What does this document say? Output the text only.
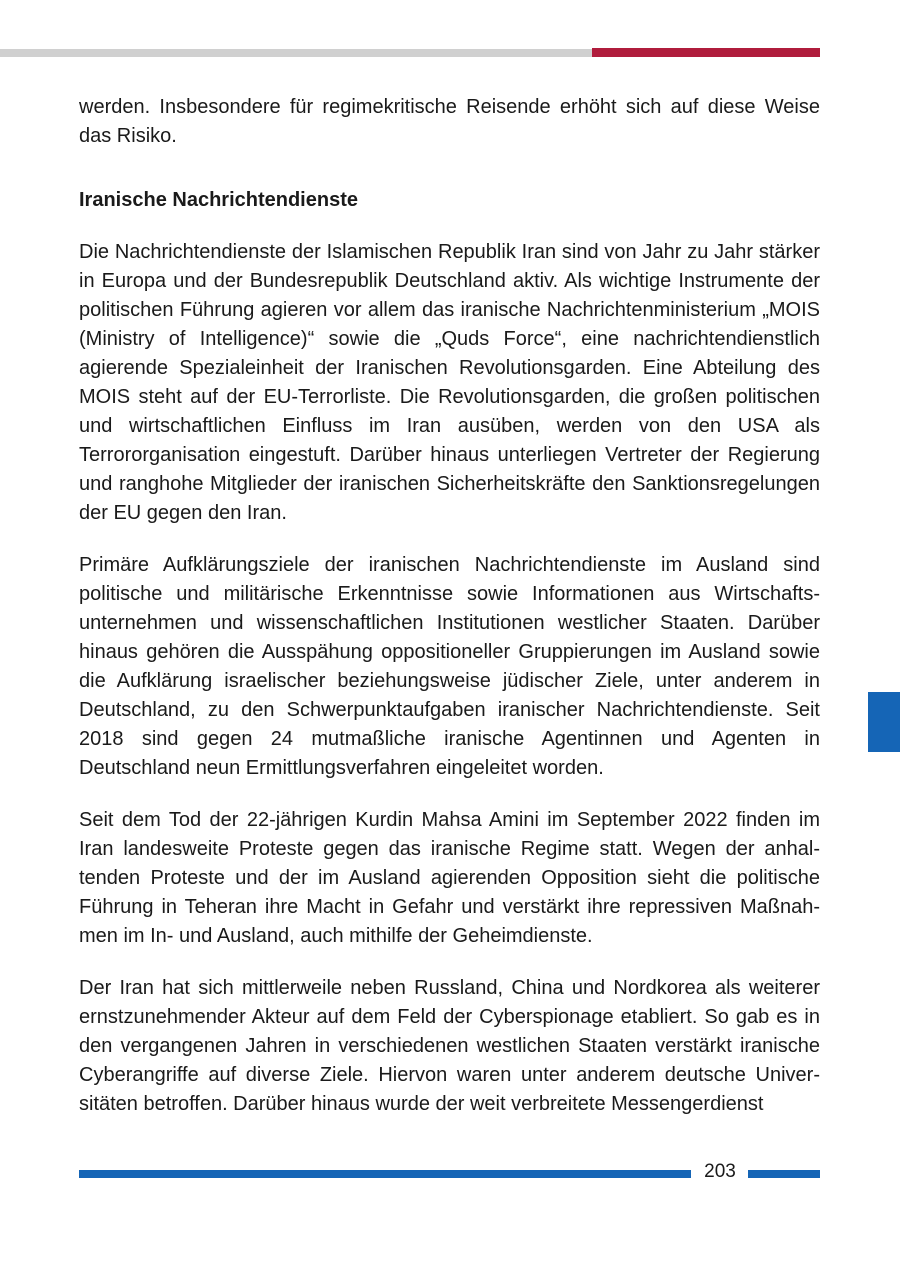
werden. Insbesondere für regimekritische Reisende erhöht sich auf diese Weise das Risiko.

Iranische Nachrichtendienste

Die Nachrichtendienste der Islamischen Republik Iran sind von Jahr zu Jahr stärker in Europa und der Bundesrepublik Deutschland aktiv. Als wichtige Instrumente der politischen Führung agieren vor allem das iranische Nachrichtenministerium „MOIS (Ministry of Intelligence)“ sowie die „Quds Force“, eine nachrichtendienstlich agierende Spezialeinheit der Iranischen Revolutionsgarden. Eine Abteilung des MOIS steht auf der EU-Terrorliste. Die Revolutionsgarden, die großen politischen und wirtschaftlichen Einfluss im Iran ausüben, werden von den USA als Terrororganisation eingestuft. Darüber hinaus unterliegen Vertreter der Regierung und ranghohe Mitglieder der iranischen Sicherheitskräfte den Sanktionsregelungen der EU gegen den Iran.

Primäre Aufklärungsziele der iranischen Nachrichtendienste im Ausland sind politische und militärische Erkenntnisse sowie Informationen aus Wirtschaftsunternehmen und wissenschaftlichen Institutionen westlicher Staaten. Darüber hinaus gehören die Ausspähung oppositioneller Gruppierungen im Ausland sowie die Aufklärung israelischer beziehungsweise jüdischer Ziele, unter anderem in Deutschland, zu den Schwerpunktaufgaben iranischer Nachrichtendienste. Seit 2018 sind gegen 24 mutmaßliche iranische Agentinnen und Agenten in Deutschland neun Ermittlungsverfahren eingeleitet worden.

Seit dem Tod der 22-jährigen Kurdin Mahsa Amini im September 2022 finden im Iran landesweite Proteste gegen das iranische Regime statt. Wegen der anhaltenden Proteste und der im Ausland agierenden Opposition sieht die politische Führung in Teheran ihre Macht in Gefahr und verstärkt ihre repressiven Maßnahmen im In- und Ausland, auch mithilfe der Geheimdienste.

Der Iran hat sich mittlerweile neben Russland, China und Nordkorea als weiterer ernstzunehmender Akteur auf dem Feld der Cyberspionage etabliert. So gab es in den vergangenen Jahren in verschiedenen westlichen Staaten verstärkt iranische Cyberangriffe auf diverse Ziele. Hiervon waren unter anderem deutsche Universitäten betroffen. Darüber hinaus wurde der weit verbreitete Messengerdienst

203
